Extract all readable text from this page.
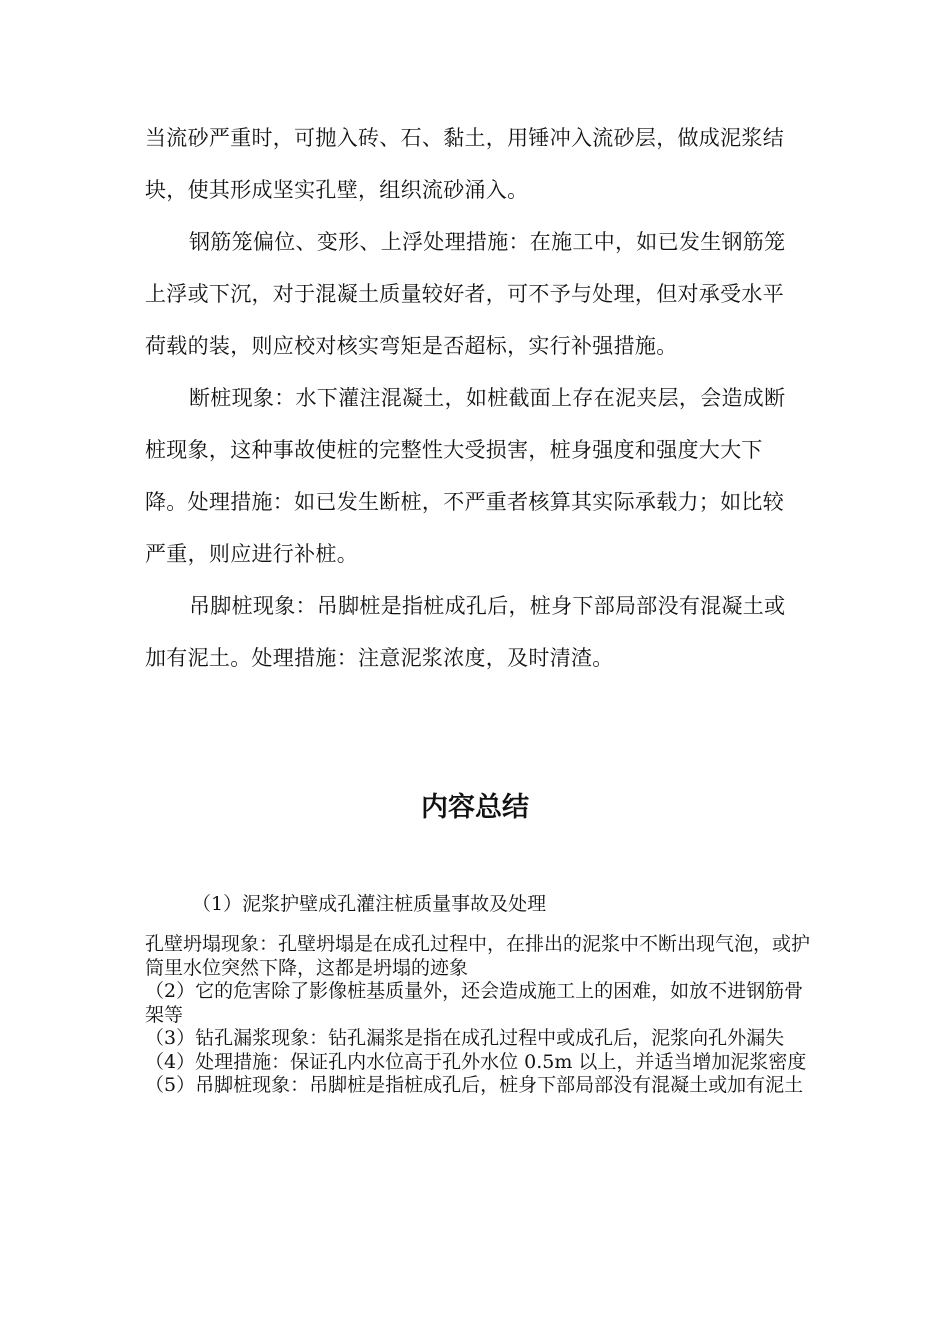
当流砂严重时，可抛入砖、石、黏土，用锤冲入流砂层，做成泥浆结块，使其形成坚实孔壁，组织流砂涌入。

钢筋笼偏位、变形、上浮处理措施：在施工中，如已发生钢筋笼上浮或下沉，对于混凝土质量较好者，可不予与处理，但对承受水平荷载的装，则应校对核实弯矩是否超标，实行补强措施。

断桩现象：水下灌注混凝土，如桩截面上存在泥夹层，会造成断桩现象，这种事故使桩的完整性大受损害，桩身强度和强度大大下降。处理措施：如已发生断桩，不严重者核算其实际承载力；如比较严重，则应进行补桩。

吊脚桩现象：吊脚桩是指桩成孔后，桩身下部局部没有混凝土或加有泥土。处理措施：注意泥浆浓度，及时清渣。

内容总结

（1）泥浆护壁成孔灌注桩质量事故及处理

孔壁坍塌现象：孔壁坍塌是在成孔过程中，在排出的泥浆中不断出现气泡，或护筒里水位突然下降，这都是坍塌的迹象
（2）它的危害除了影像桩基质量外，还会造成施工上的困难，如放不进钢筋骨架等
（3）钻孔漏浆现象：钻孔漏浆是指在成孔过程中或成孔后，泥浆向孔外漏失
（4）处理措施：保证孔内水位高于孔外水位 0.5m 以上，并适当增加泥浆密度
（5）吊脚桩现象：吊脚桩是指桩成孔后，桩身下部局部没有混凝土或加有泥土
